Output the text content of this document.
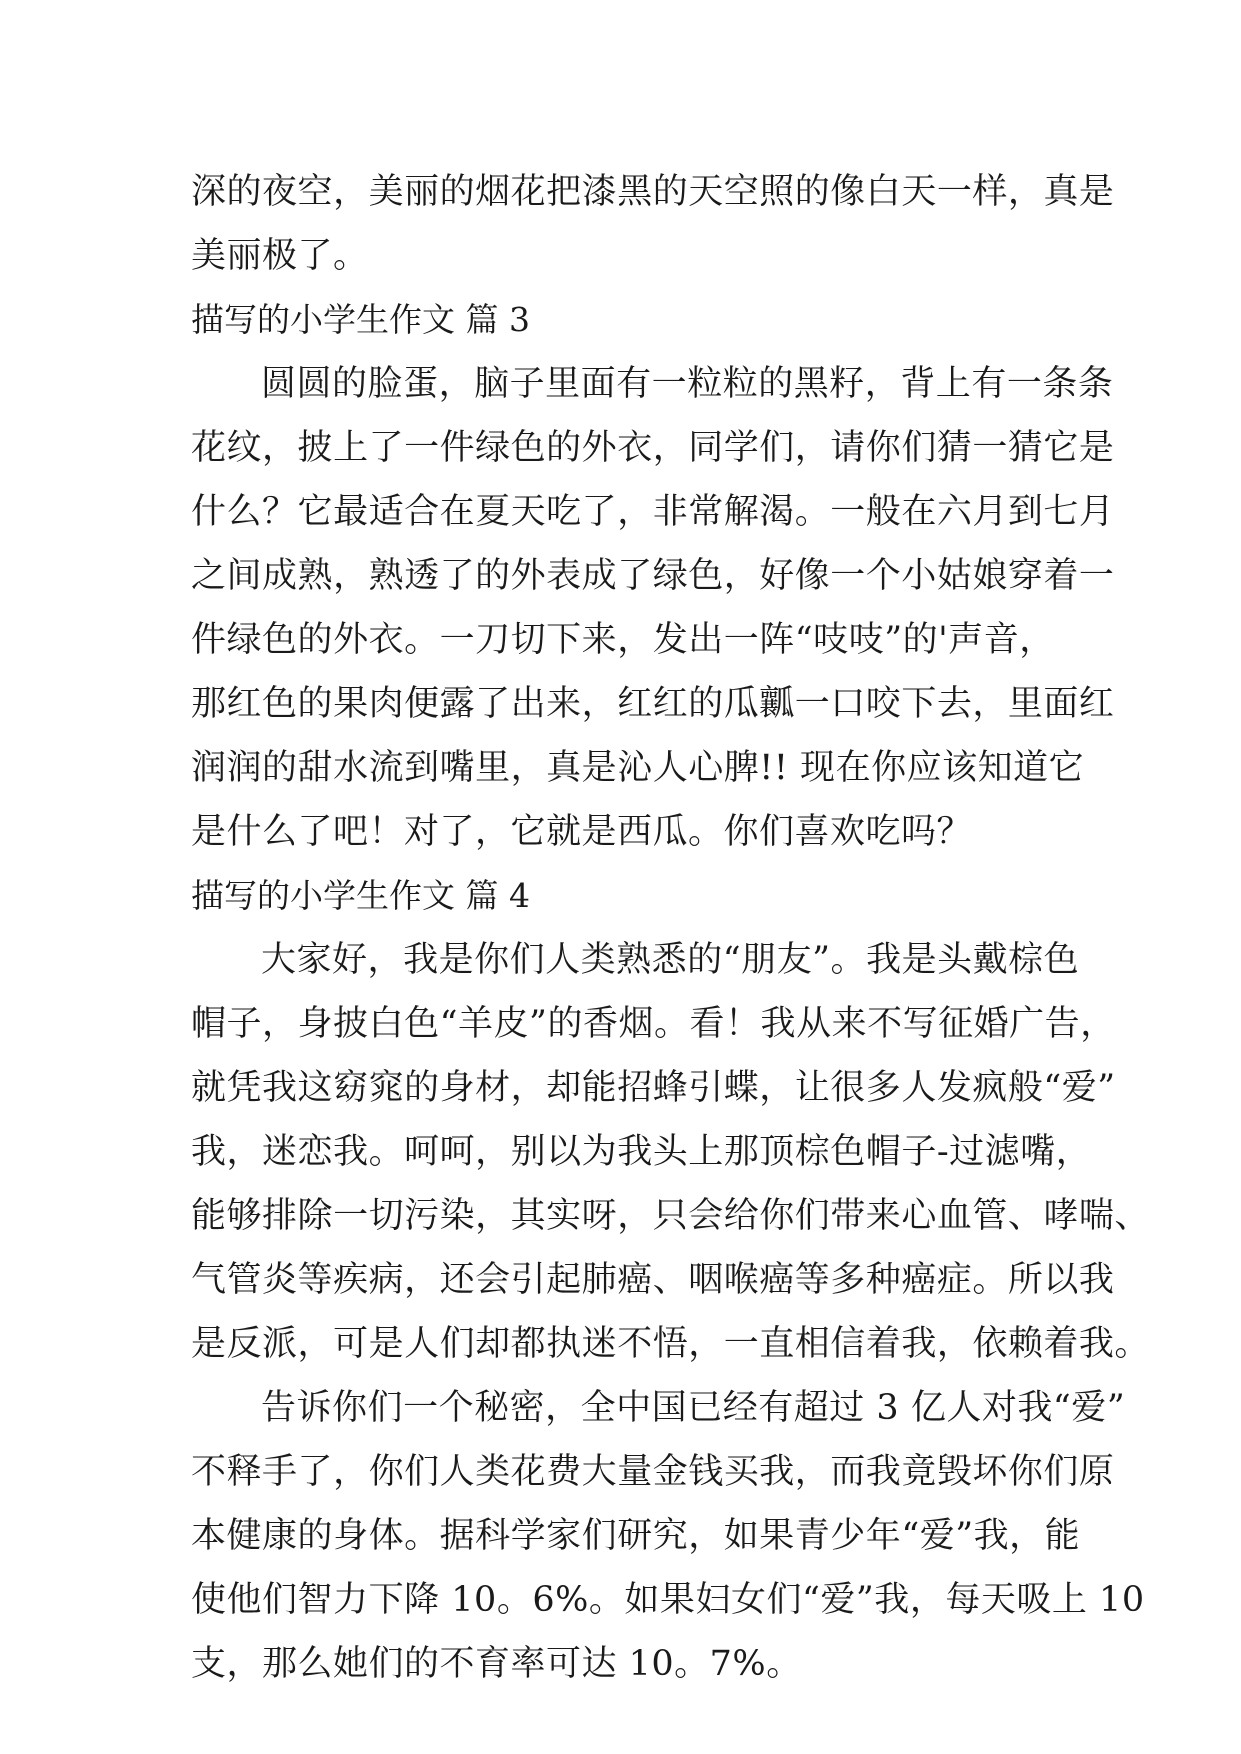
深 的 夜 空 ， 美 丽 的 烟 花 把 漆 黑 的 天 空 照 的 像 白 天 一 样 ， 真 是
美丽极了。
描写的小学生作文 篇 3
圆 圆 的 脸 蛋 ， 脑 子 里 面 有 一 粒 粒 的 黑 籽 ， 背 上 有 一 条 条
花 纹 ， 披 上 了 一 件 绿 色 的 外 衣 ， 同 学 们 ， 请 你 们 猜 一 猜 它 是
什 么 ？ 它 最 适 合 在 夏 天 吃 了 ， 非 常 解 渴 。 一 般 在 六 月 到 七 月
之 间 成 熟 ， 熟 透 了 的 外 表 成 了 绿 色 ， 好 像 一 个 小 姑 娘 穿 着 一
件 绿 色 的 外 衣 。 一 刀 切 下 来 ， 发 出 一 阵 “ 吱 吱 ” 的 ' 声 音 ，
那 红 色 的 果 肉 便 露 了 出 来 ， 红 红 的 瓜 瓤 一 口 咬 下 去 ， 里 面 红
润 润 的 甜 水 流 到 嘴 里 ， 真 是 沁 人 心 脾 ! !
现 在 你 应 该 知 道 它
是什么了吧！对了，它就是西瓜。你们喜欢吃吗？
描写的小学生作文 篇 4
大 家 好 ， 我 是 你 们 人 类 熟 悉 的 “ 朋 友 ” 。 我 是 头 戴 棕 色
帽 子 ， 身 披 白 色 “ 羊 皮 ” 的 香 烟 。 看 ！ 我 从 来 不 写 征 婚 广 告 ，
就 凭 我 这 窈 窕 的 身 材 ， 却 能 招 蜂 引 蝶 ， 让 很 多 人 发 疯 般 “ 爱 ”
我 ， 迷 恋 我 。 呵 呵 ， 别 以 为 我 头 上 那 顶 棕 色 帽 子 - 过 滤 嘴 ，
能 够 排 除 一 切 污 染 ， 其 实 呀 ， 只 会 给 你 们 带 来 心 血 管 、 哮 喘 、
气 管 炎 等 疾 病 ， 还 会 引 起 肺 癌 、 咽 喉 癌 等 多 种 癌 症 。 所 以 我
是 反 派 ， 可 是 人 们 却 都 执 迷 不 悟 ， 一 直 相 信 着 我 ， 依 赖 着 我 。
告 诉 你 们 一 个 秘 密 ， 全 中 国 已 经 有 超 过
3
亿 人 对 我 “ 爱 ”
不 释 手 了 ， 你 们 人 类 花 费 大 量 金 钱 买 我 ， 而 我 竟 毁 坏 你 们 原
本 健 康 的 身 体 。 据 科 学 家 们 研 究 ， 如 果 青 少 年 “ 爱 ” 我 ， 能
使 他 们 智 力 下 降
1 0 。 6 % 。 如 果 妇 女 们 “ 爱 ” 我 ， 每 天 吸 上
1 0
支，那么她们的不育率可达 10。7%。
